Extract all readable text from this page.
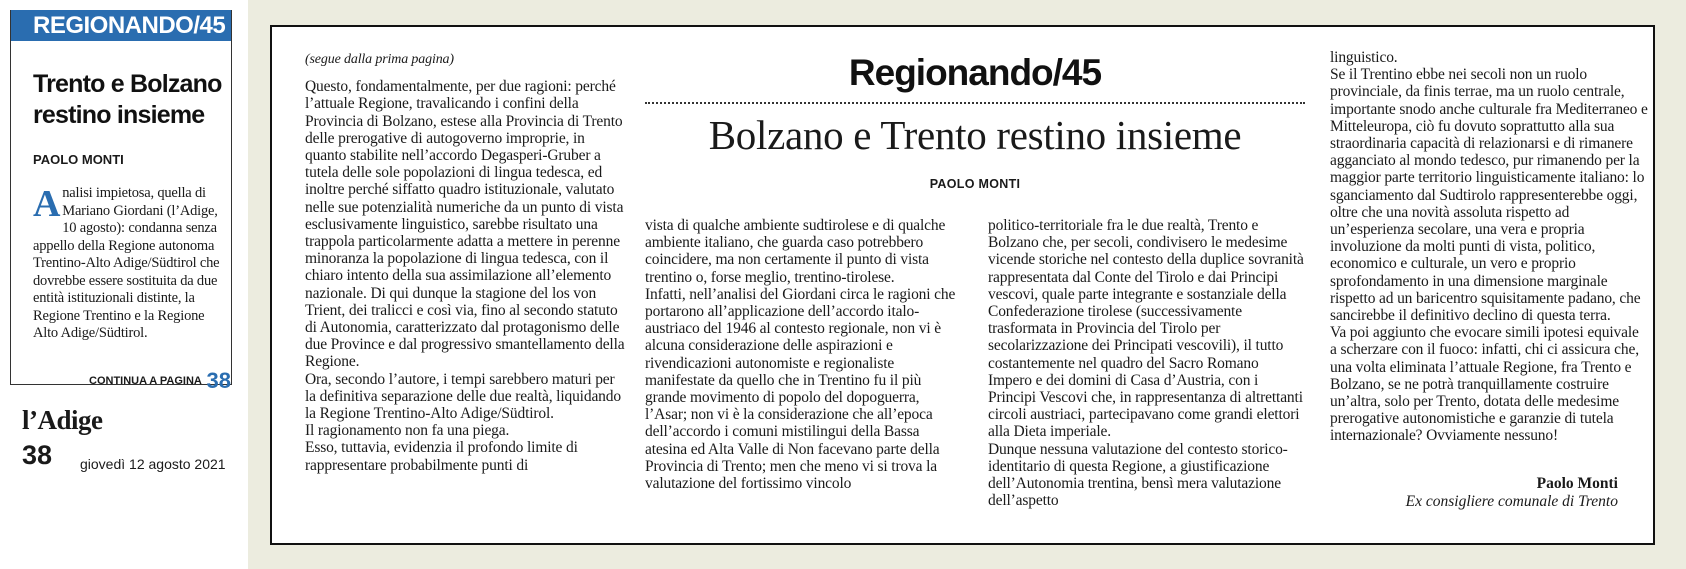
REGIONANDO/45
Trento e Bolzano restino insieme
PAOLO MONTI
Analisi impietosa, quella di Mariano Giordani (l’Adige, 10 agosto): condanna senza appello della Regione autonoma Trentino-Alto Adige/Südtirol che dovrebbe essere sostituita da due entità istituzionali distinte, la Regione Trentino e la Regione Alto Adige/Südtirol.
CONTINUA A PAGINA 38
l’Adige
38 giovedì 12 agosto 2021

(segue dalla prima pagina)

Questo, fondamentalmente, per due ragioni: perché l’attuale Regione, travalicando i confini della Provincia di Bolzano, estese alla Provincia di Trento delle prerogative di autogoverno improprie, in quanto stabilite nell’accordo Degasperi-Gruber a tutela delle sole popolazioni di lingua tedesca, ed inoltre perché siffatto quadro istituzionale, valutato nelle sue potenzialità numeriche da un punto di vista esclusivamente linguistico, sarebbe risultato una trappola particolarmente adatta a mettere in perenne minoranza la popolazione di lingua tedesca, con il chiaro intento della sua assimilazione all’elemento nazionale. Di qui dunque la stagione del los von Trient, dei tralicci e così via, fino al secondo statuto di Autonomia, caratterizzato dal protagonismo delle due Province e dal progressivo smantellamento della Regione.

Ora, secondo l’autore, i tempi sarebbero maturi per la definitiva separazione delle due realtà, liquidando la Regione Trentino-Alto Adige/Südtirol.

Il ragionamento non fa una piega.

Esso, tuttavia, evidenzia il profondo limite di rappresentare probabilmente punti di

Regionando/45
Bolzano e Trento restino insieme
PAOLO MONTI

vista di qualche ambiente sudtirolese e di qualche ambiente italiano, che guarda caso potrebbero coincidere, ma non certamente il punto di vista trentino o, forse meglio, trentino-tirolese.

Infatti, nell’analisi del Giordani circa le ragioni che portarono all’applicazione dell’accordo italo-austriaco del 1946 al contesto regionale, non vi è alcuna considerazione delle aspirazioni e rivendicazioni autonomiste e regionaliste manifestate da quello che in Trentino fu il più grande movimento di popolo del dopoguerra, l’Asar; non vi è la considerazione che all’epoca dell’accordo i comuni mistilingui della Bassa atesina ed Alta Valle di Non facevano parte della Provincia di Trento; men che meno vi si trova la valutazione del fortissimo vincolo

politico-territoriale fra le due realtà, Trento e Bolzano che, per secoli, condivisero le medesime vicende storiche nel contesto della duplice sovranità rappresentata dal Conte del Tirolo e dai Principi vescovi, quale parte integrante e sostanziale della Confederazione tirolese (successivamente trasformata in Provincia del Tirolo per secolarizzazione dei Principati vescovili), il tutto costantemente nel quadro del Sacro Romano Impero e dei domini di Casa d’Austria, con i Principi Vescovi che, in rappresentanza di altrettanti circoli austriaci, partecipavano come grandi elettori alla Dieta imperiale.

Dunque nessuna valutazione del contesto storico-identitario di questa Regione, a giustificazione dell’Autonomia trentina, bensì mera valutazione dell’aspetto

linguistico.

Se il Trentino ebbe nei secoli non un ruolo provinciale, da finis terrae, ma un ruolo centrale, importante snodo anche culturale fra Mediterraneo e Mitteleuropa, ciò fu dovuto soprattutto alla sua straordinaria capacità di relazionarsi e di rimanere agganciato al mondo tedesco, pur rimanendo per la maggior parte territorio linguisticamente italiano: lo sganciamento dal Sudtirolo rappresenterebbe oggi, oltre che una novità assoluta rispetto ad un’esperienza secolare, una vera e propria involuzione da molti punti di vista, politico, economico e culturale, un vero e proprio sprofondamento in una dimensione marginale rispetto ad un baricentro squisitamente padano, che sancirebbe il definitivo declino di questa terra.

Va poi aggiunto che evocare simili ipotesi equivale a scherzare con il fuoco: infatti, chi ci assicura che, una volta eliminata l’attuale Regione, fra Trento e Bolzano, se ne potrà tranquillamente costruire un’altra, solo per Trento, dotata delle medesime prerogative autonomistiche e garanzie di tutela internazionale? Ovviamente nessuno!

Paolo Monti
Ex consigliere comunale di Trento
